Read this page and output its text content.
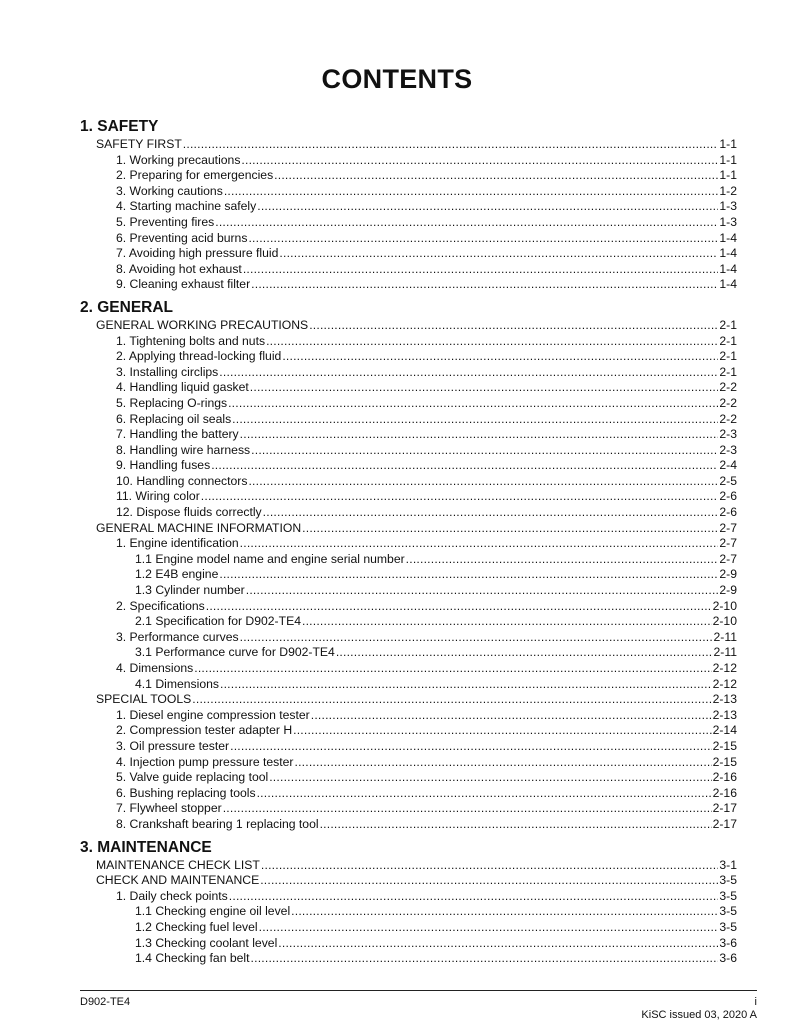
CONTENTS
1. SAFETY
SAFETY FIRST .....	1-1
1. Working precautions .....	1-1
2. Preparing for emergencies .....	1-1
3. Working cautions .....	1-2
4. Starting machine safely .....	1-3
5. Preventing fires .....	1-3
6. Preventing acid burns .....	1-4
7. Avoiding high pressure fluid .....	1-4
8. Avoiding hot exhaust .....	1-4
9. Cleaning exhaust filter .....	1-4
2. GENERAL
GENERAL WORKING PRECAUTIONS .....	2-1
1. Tightening bolts and nuts .....	2-1
2. Applying thread-locking fluid .....	2-1
3. Installing circlips .....	2-1
4. Handling liquid gasket .....	2-2
5. Replacing O-rings .....	2-2
6. Replacing oil seals .....	2-2
7. Handling the battery .....	2-3
8. Handling wire harness .....	2-3
9. Handling fuses .....	2-4
10. Handling connectors .....	2-5
11. Wiring color .....	2-6
12. Dispose fluids correctly .....	2-6
GENERAL MACHINE INFORMATION .....	2-7
1. Engine identification .....	2-7
1.1 Engine model name and engine serial number .....	2-7
1.2 E4B engine .....	2-9
1.3 Cylinder number .....	2-9
2. Specifications .....	2-10
2.1 Specification for D902-TE4 .....	2-10
3. Performance curves .....	2-11
3.1 Performance curve for D902-TE4 .....	2-11
4. Dimensions .....	2-12
4.1 Dimensions .....	2-12
SPECIAL TOOLS .....	2-13
1. Diesel engine compression tester .....	2-13
2. Compression tester adapter H .....	2-14
3. Oil pressure tester .....	2-15
4. Injection pump pressure tester .....	2-15
5. Valve guide replacing tool .....	2-16
6. Bushing replacing tools .....	2-16
7. Flywheel stopper .....	2-17
8. Crankshaft bearing 1 replacing tool .....	2-17
3. MAINTENANCE
MAINTENANCE CHECK LIST .....	3-1
CHECK AND MAINTENANCE .....	3-5
1. Daily check points .....	3-5
1.1 Checking engine oil level .....	3-5
1.2 Checking fuel level .....	3-5
1.3 Checking coolant level .....	3-6
1.4 Checking fan belt .....	3-6
D902-TE4	i
KiSC issued 03, 2020 A
